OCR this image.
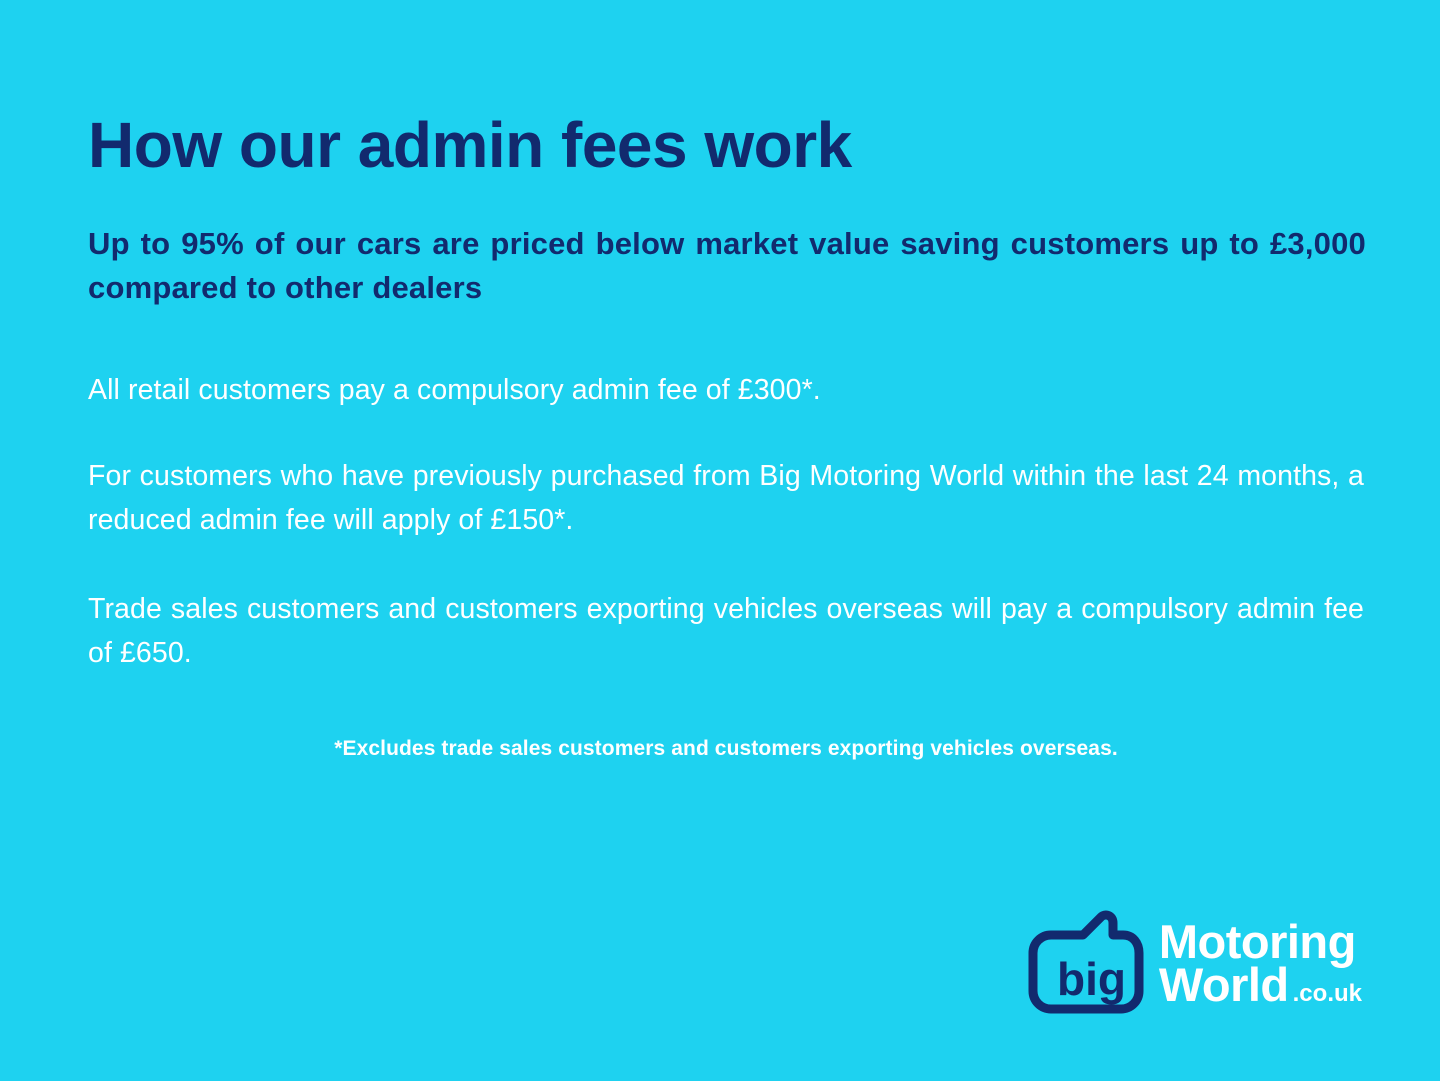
How our admin fees work

Up to 95% of our cars are priced below market value saving customers up to £3,000 compared to other dealers

All retail customers pay a compulsory admin fee of £300*.

For customers who have previously purchased from Big Motoring World within the last 24 months, a reduced admin fee will apply of £150*.

Trade sales customers and customers exporting vehicles overseas will pay a compulsory admin fee of £650.

*Excludes trade sales customers and customers exporting vehicles overseas.

big
Motoring
World .co.uk
